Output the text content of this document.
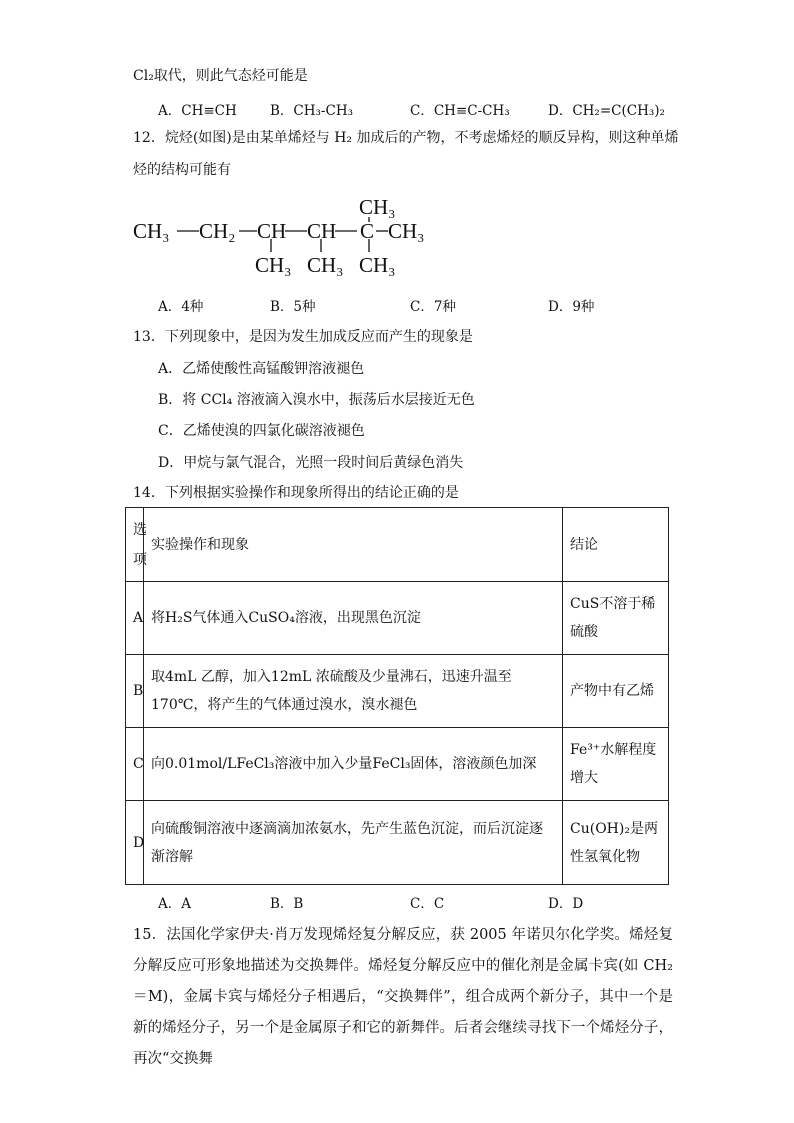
Cl₂取代，则此气态烃可能是
A．CH≡CH B．CH₃-CH₃	C．CH≡C-CH₃	D．CH₂=C(CH₃)₂
12．烷烃(如图)是由某单烯烃与 H₂ 加成后的产物，不考虑烯烃的顺反异构，则这种单烯
烃的结构可能有
CH₃ CH₂ CH CH C CH₃
CH₃
CH₃ CH₃ CH₃
A．4种	B．5种	C．7种	D．9种
13．下列现象中，是因为发生加成反应而产生的现象是
A．乙烯使酸性高锰酸钾溶液褪色
B．将 CCl₄ 溶液滴入溴水中，振荡后水层接近无色
C．乙烯使溴的四氯化碳溶液褪色
D．甲烷与氯气混合，光照一段时间后黄绿色消失
14．下列根据实验操作和现象所得出的结论正确的是
选项	实验操作和现象	结论
A	将H₂S气体通入CuSO₄溶液，出现黑色沉淀	CuS不溶于稀硫酸
B	取4mL 乙醇，加入12mL 浓硫酸及少量沸石，迅速升温至170℃，将产生的气体通过溴水，溴水褪色	产物中有乙烯
C	向0.01mol/LFeCl₃溶液中加入少量FeCl₃固体，溶液颜色加深	Fe³⁺水解程度增大
D	向硫酸铜溶液中逐滴滴加浓氨水，先产生蓝色沉淀，而后沉淀逐渐溶解	Cu(OH)₂是两性氢氧化物
A．A	B．B	C．C	D．D
15．法国化学家伊夫·肖万发现烯烃复分解反应，获 2005 年诺贝尔化学奖。烯烃复分解反应可形象地描述为交换舞伴。烯烃复分解反应中的催化剂是金属卡宾(如 CH₂＝M)，金属卡宾与烯烃分子相遇后，“交换舞伴”，组合成两个新分子，其中一个是新的烯烃分子，另一个是金属原子和它的新舞伴。后者会继续寻找下一个烯烃分子，再次“交换舞
